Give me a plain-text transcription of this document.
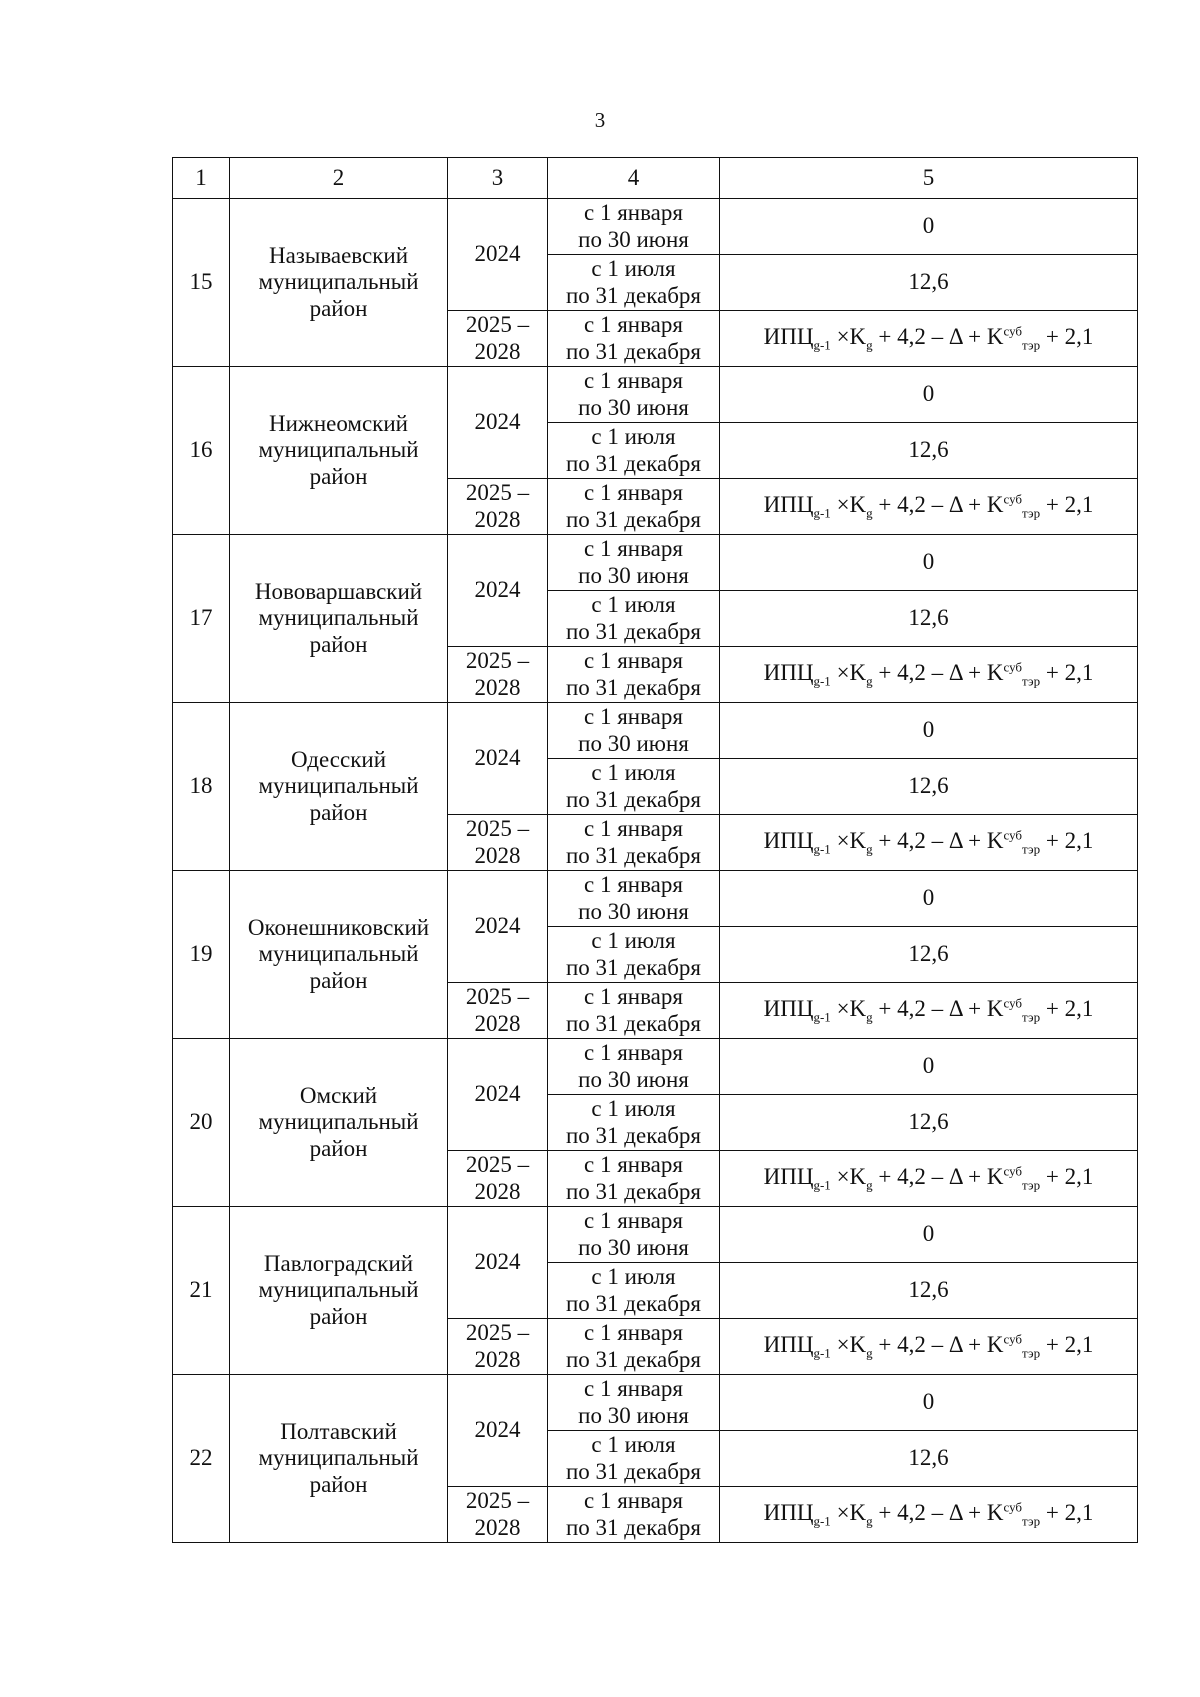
3
1	2	3	4	5
15	Называевский
муниципальный
район	2024	с 1 января
по 30 июня	0
			с 1 июля
по 31 декабря	12,6
		2025 –
2028	с 1 января
по 31 декабря	$ИПЦ_{g-1} \times K_g + 4,2 - \Delta + K^{суб}_{тэр} + 2,1$
16	Нижнеомский
муниципальный
район	2024	с 1 января
по 30 июня	0
			с 1 июля
по 31 декабря	12,6
		2025 –
2028	с 1 января
по 31 декабря	$ИПЦ_{g-1} \times K_g + 4,2 - \Delta + K^{суб}_{тэр} + 2,1$
17	Нововаршавский
муниципальный
район	2024	с 1 января
по 30 июня	0
			с 1 июля
по 31 декабря	12,6
		2025 –
2028	с 1 января
по 31 декабря	$ИПЦ_{g-1} \times K_g + 4,2 - \Delta + K^{суб}_{тэр} + 2,1$
18	Одесский
муниципальный
район	2024	с 1 января
по 30 июня	0
			с 1 июля
по 31 декабря	12,6
		2025 –
2028	с 1 января
по 31 декабря	$ИПЦ_{g-1} \times K_g + 4,2 - \Delta + K^{суб}_{тэр} + 2,1$
19	Оконешниковский
муниципальный
район	2024	с 1 января
по 30 июня	0
			с 1 июля
по 31 декабря	12,6
		2025 –
2028	с 1 января
по 31 декабря	$ИПЦ_{g-1} \times K_g + 4,2 - \Delta + K^{суб}_{тэр} + 2,1$
20	Омский
муниципальный
район	2024	с 1 января
по 30 июня	0
			с 1 июля
по 31 декабря	12,6
		2025 –
2028	с 1 января
по 31 декабря	$ИПЦ_{g-1} \times K_g + 4,2 - \Delta + K^{суб}_{тэр} + 2,1$
21	Павлоградский
муниципальный
район	2024	с 1 января
по 30 июня	0
			с 1 июля
по 31 декабря	12,6
		2025 –
2028	с 1 января
по 31 декабря	$ИПЦ_{g-1} \times K_g + 4,2 - \Delta + K^{суб}_{тэр} + 2,1$
22	Полтавский
муниципальный
район	2024	с 1 января
по 30 июня	0
			с 1 июля
по 31 декабря	12,6
		2025 –
2028	с 1 января
по 31 декабря	$ИПЦ_{g-1} \times K_g + 4,2 - \Delta + K^{суб}_{тэр} + 2,1$
